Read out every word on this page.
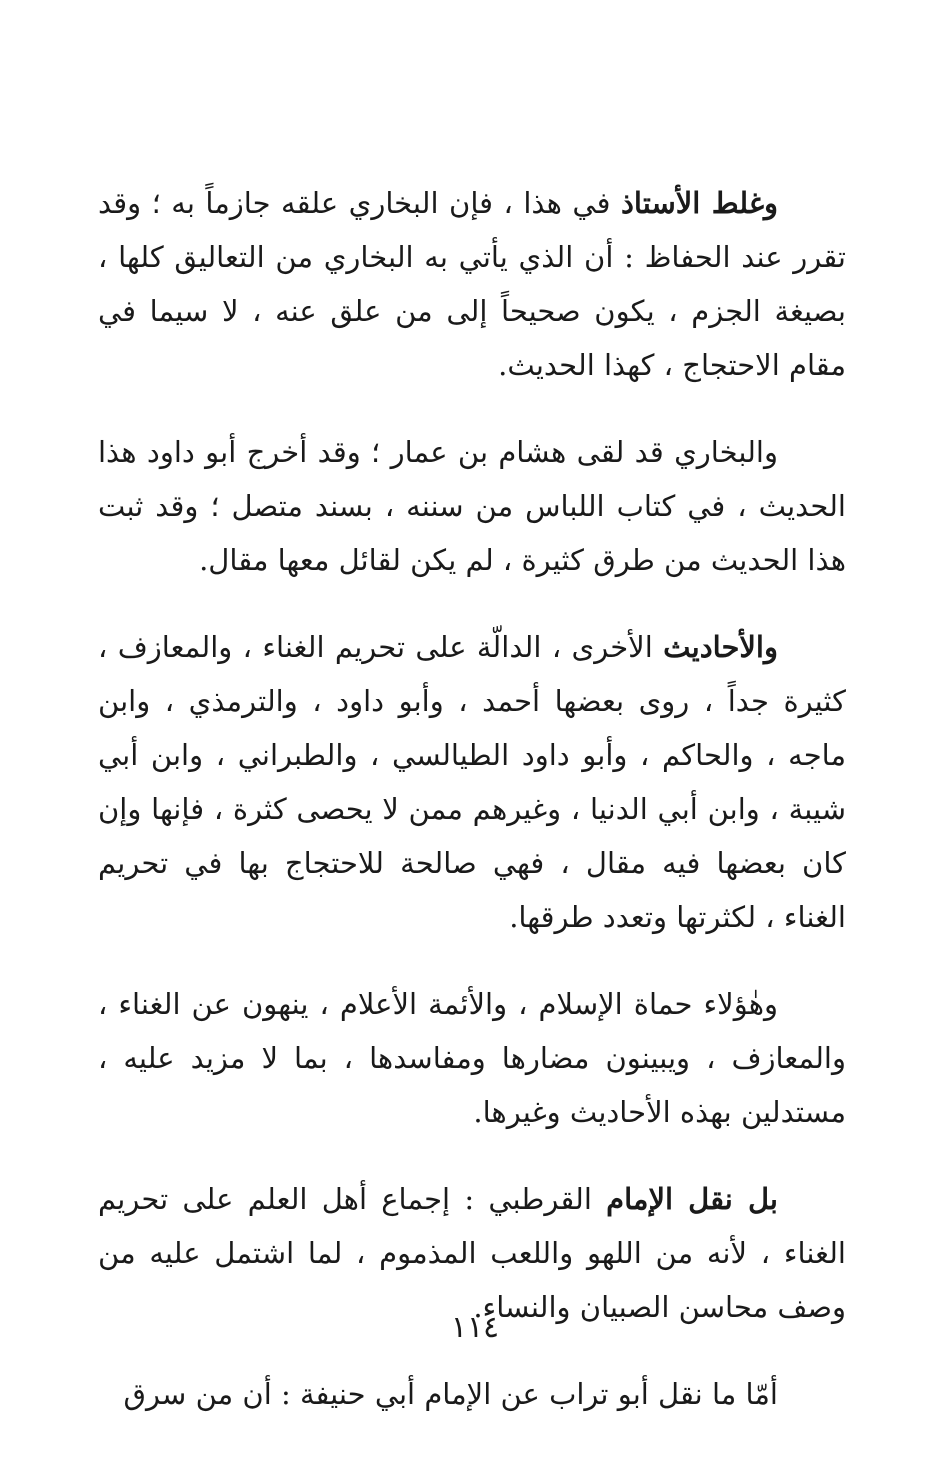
وغلط الأستاذ في هذا ، فإن البخاري علقه جازماً به ؛ وقد تقرر عند الحفاظ : أن الذي يأتي به البخاري من التعاليق كلها ، بصيغة الجزم ، يكون صحيحاً إلى من علق عنه ، لا سيما في مقام الاحتجاج ، كهذا الحديث.

والبخاري قد لقى هشام بن عمار ؛ وقد أخرج أبو داود هذا الحديث ، في كتاب اللباس من سننه ، بسند متصل ؛ وقد ثبت هذا الحديث من طرق كثيرة ، لم يكن لقائل معها مقال.

والأحاديث الأخرى ، الدالّة على تحريم الغناء ، والمعازف ، كثيرة جداً ، روى بعضها أحمد ، وأبو داود ، والترمذي ، وابن ماجه ، والحاكم ، وأبو داود الطيالسي ، والطبراني ، وابن أبي شيبة ، وابن أبي الدنيا ، وغيرهم ممن لا يحصى كثرة ، فإنها وإن كان بعضها فيه مقال ، فهي صالحة للاحتجاج بها في تحريم الغناء ، لكثرتها وتعدد طرقها.

وهٰؤلاء حماة الإسلام ، والأئمة الأعلام ، ينهون عن الغناء ، والمعازف ، ويبينون مضارها ومفاسدها ، بما لا مزيد عليه ، مستدلين بهذه الأحاديث وغيرها.

بل نقل الإمام القرطبي : إجماع أهل العلم على تحريم الغناء ، لأنه من اللهو واللعب المذموم ، لما اشتمل عليه من وصف محاسن الصبيان والنساء.

أمّا ما نقل أبو تراب عن الإمام أبي حنيفة : أن من سرق

١١٤
